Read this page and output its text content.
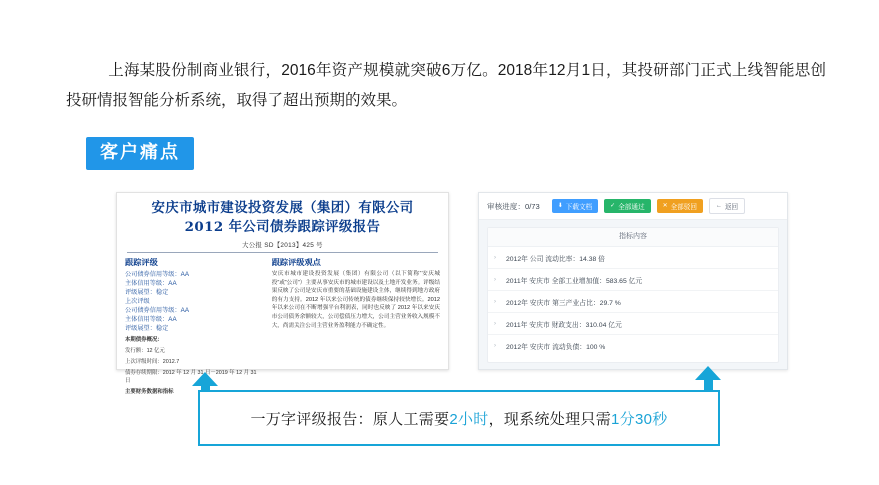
上海某股份制商业银行，2016年资产规模就突破6万亿。2018年12月1日，其投研部门正式上线智能思创投研情报智能分析系统，取得了超出预期的效果。
客户痛点
安庆市城市建设投资发展（集团）有限公司
2012 年公司债券跟踪评级报告
大公报 SD【2013】425 号
跟踪评级
公司债券信用等级：AA
主体信用等级：AA
评级展望：稳定
上次评级
公司债券信用等级：AA
主体信用等级：AA
评级展望：稳定
本期债券概况：
发行额：12 亿元
上次评级时间：2012.7
债券存续期限：2012 年 12 月 31 日－2019 年 12 月 31 日
主要财务数据和指标
跟踪评级观点
安庆市城市建设投资发展（集团）有限公司（以下简称“安庆城投”或“公司”）主要从事安庆市的城市建设以及土地开发业务。评级结果反映了公司是安庆市重要的基础设施建设主体，继续得到地方政府的有力支持。2012 年以来公司传统的债券继续保持较快增长。2012 年以来公司在不断增强平台利润表，同时也反映了 2012 年以来安庆市公司债务余额较大，公司偿债压力增大，公司主营业务收入规模不大，尚需关注公司主营业务盈利能力不确定性。
审核进度：0/73	⬇ 下载文档	✓ 全部通过	✕ 全部驳回	← 返回
指标内容
›	2012年 公司 流动比率：14.38 倍
›	2011年 安庆市 全部工业增加值：583.65 亿元
›	2012年 安庆市 第三产业占比：29.7 %
›	2011年 安庆市 财政支出：310.04 亿元
›	2012年 安庆市 流动负债：100 %
一万字评级报告：原人工需要2小时，现系统处理只需1分30秒
